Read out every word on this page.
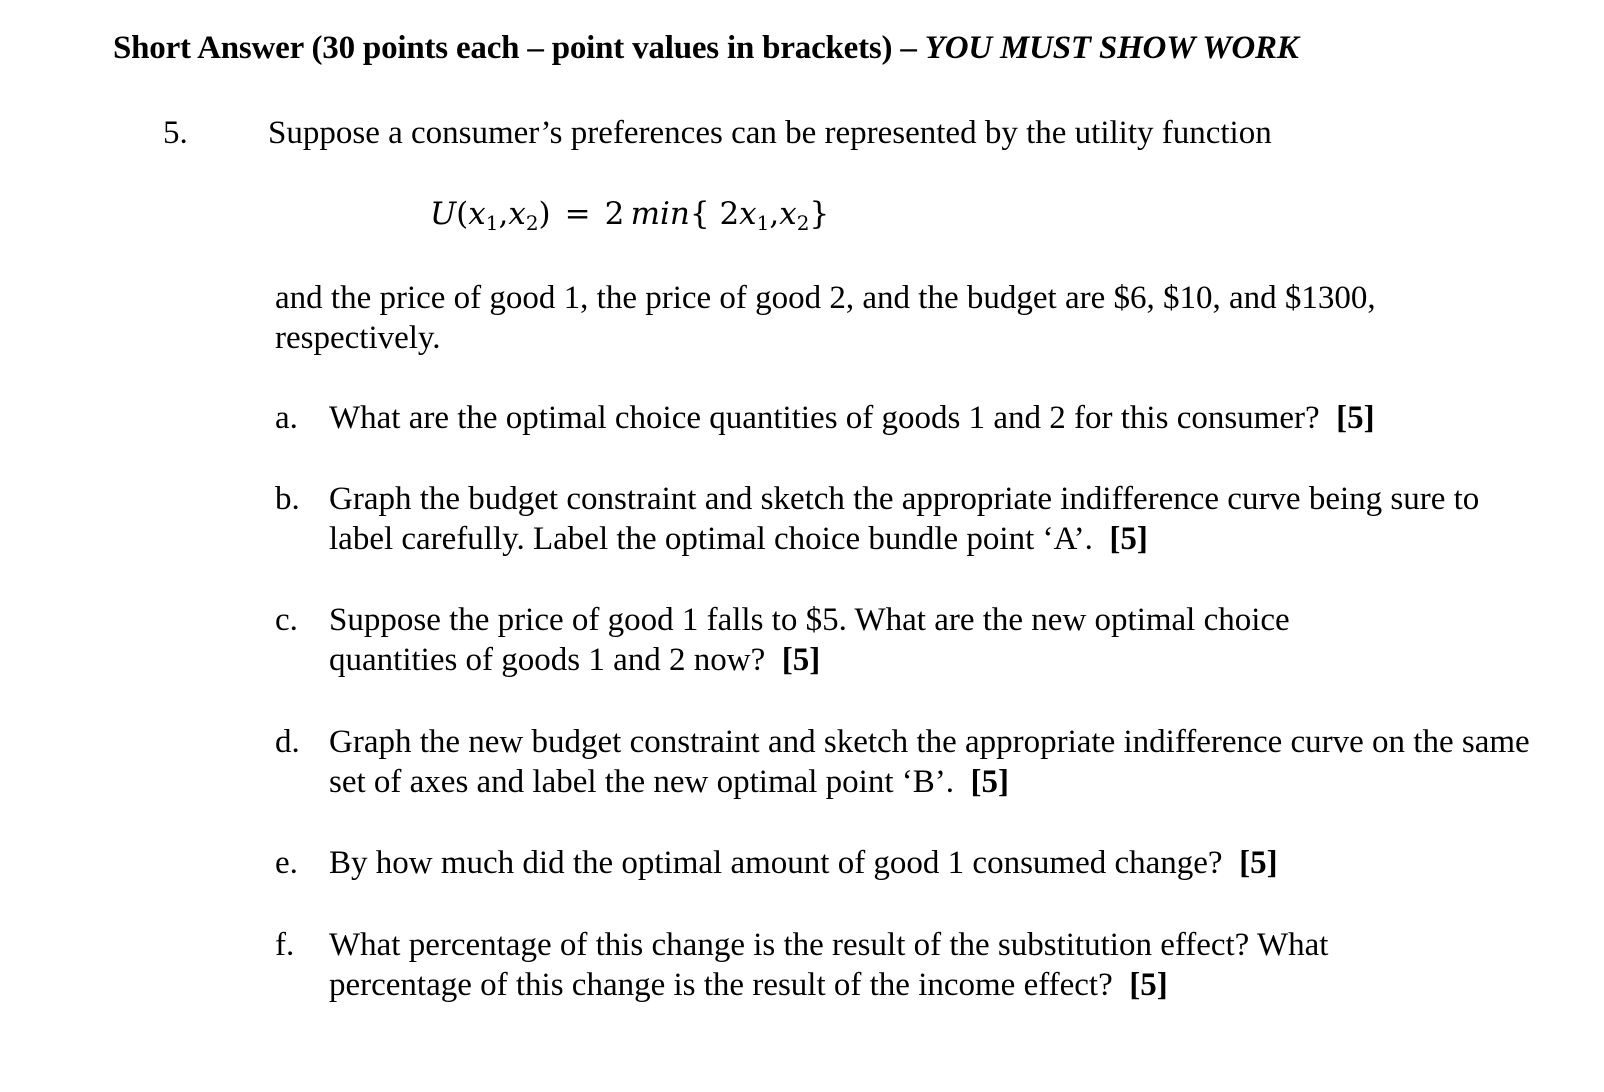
Short Answer (30 points each – point values in brackets) – YOU MUST SHOW WORK
5. Suppose a consumer’s preferences can be represented by the utility function
$U(x_1,x_2) = 2$  min{ $2x_1,x_2$}
and the price of good 1, the price of good 2, and the budget are $6, $10, and $1300, respectively.
a. What are the optimal choice quantities of goods 1 and 2 for this consumer? [5]
b. Graph the budget constraint and sketch the appropriate indifference curve being sure to label carefully. Label the optimal choice bundle point ‘A’. [5]
c. Suppose the price of good 1 falls to $5. What are the new optimal choice quantities of goods 1 and 2 now? [5]
d. Graph the new budget constraint and sketch the appropriate indifference curve on the same set of axes and label the new optimal point ‘B’. [5]
e. By how much did the optimal amount of good 1 consumed change? [5]
f. What percentage of this change is the result of the substitution effect? What percentage of this change is the result of the income effect? [5]
